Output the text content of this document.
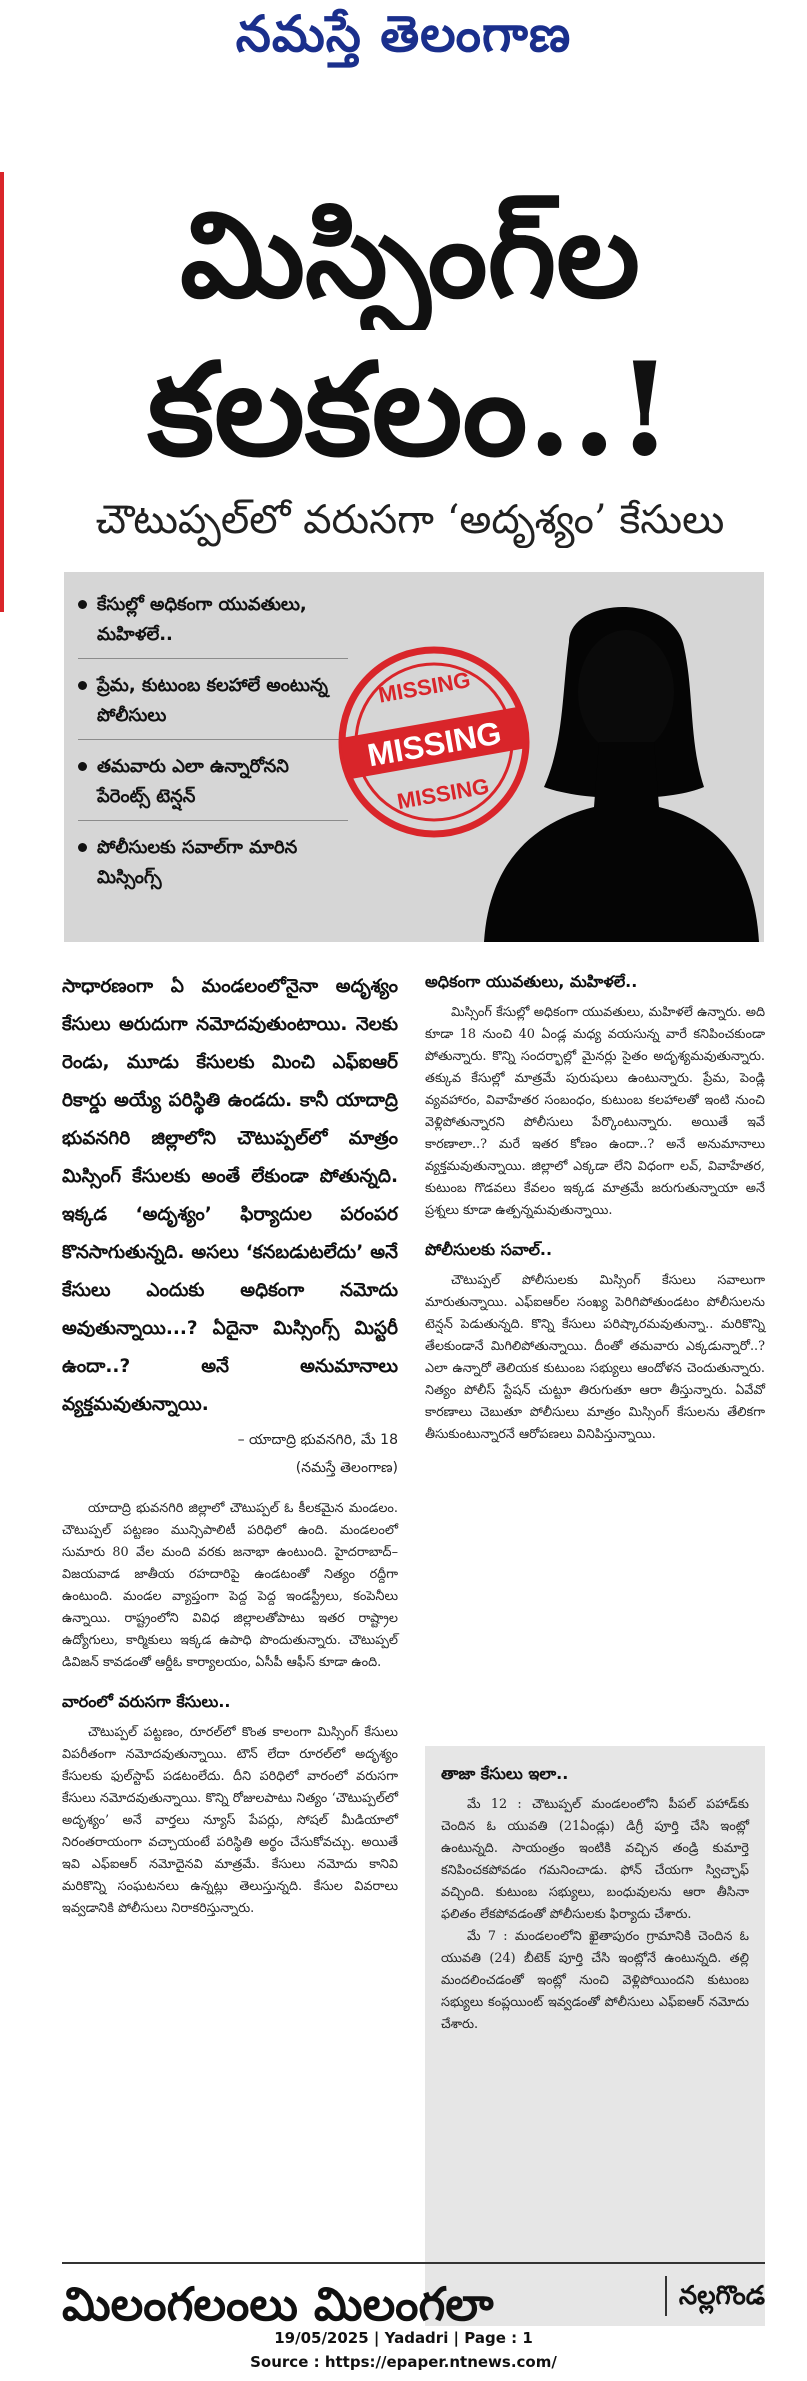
నమస్తే తెలంగాణ
మిస్సింగ్‌ల
కలకలం..!
చౌటుప్పల్‌లో వరుసగా ‘అదృశ్యం’ కేసులు
కేసుల్లో అధికంగా యువతులు, మహిళలే..
ప్రేమ, కుటుంబ కలహాలే అంటున్న పోలీసులు
తమవారు ఎలా ఉన్నారోనని పేరెంట్స్ టెన్షన్
పోలీసులకు సవాల్‌గా మారిన మిస్సింగ్స్
MISSING
MISSING
MISSING
సాధారణంగా ఏ మండలంలోనైనా అదృశ్యం కేసులు అరుదుగా నమోదవుతుంటాయి. నెలకు రెండు, మూడు కేసులకు మించి ఎఫ్‌ఐఆర్ రికార్డు అయ్యే పరిస్థితి ఉండదు. కానీ యాదాద్రి భువనగిరి జిల్లాలోని చౌటుప్పల్‌లో మాత్రం మిస్సింగ్ కేసులకు అంతే లేకుండా పోతున్నది. ఇక్కడ ‘అదృశ్యం’ ఫిర్యాదుల పరంపర కొనసాగుతున్నది. అసలు ‘కనబడుటలేదు’ అనే కేసులు ఎందుకు అధికంగా నమోదు అవుతున్నాయి...? ఏదైనా మిస్సింగ్స్ మిస్టరీ ఉందా..? అనే అనుమానాలు వ్యక్తమవుతున్నాయి.
– యాదాద్రి భువనగిరి, మే 18
(నమస్తే తెలంగాణ)

యాదాద్రి భువనగిరి జిల్లాలో చౌటుప్పల్ ఓ కీలకమైన మండలం. చౌటుప్పల్ పట్టణం మున్సిపాలిటీ పరిధిలో ఉంది. మండలంలో సుమారు 80 వేల మంది వరకు జనాభా ఉంటుంది. హైదరాబాద్–విజయవాడ జాతీయ రహదారిపై ఉండటంతో నిత్యం రద్దీగా ఉంటుంది. మండల వ్యాప్తంగా పెద్ద పెద్ద ఇండస్ట్రీలు, కంపెనీలు ఉన్నాయి. రాష్ట్రంలోని వివిధ జిల్లాలతోపాటు ఇతర రాష్ట్రాల ఉద్యోగులు, కార్మికులు ఇక్కడ ఉపాధి పొందుతున్నారు. చౌటుప్పల్ డివిజన్ కావడంతో ఆర్డీఓ కార్యాలయం, ఏసీపీ ఆఫీస్ కూడా ఉంది.

వారంలో వరుసగా కేసులు..

చౌటుప్పల్ పట్టణం, రూరల్‌లో కొంత కాలంగా మిస్సింగ్ కేసులు విపరీతంగా నమోదవుతున్నాయి. టౌన్ లేదా రూరల్‌లో అదృశ్యం కేసులకు ఫుల్‌స్టాప్ పడటంలేదు. దీని పరిధిలో వారంలో వరుసగా కేసులు నమోదవుతున్నాయి. కొన్ని రోజులపాటు నిత్యం ‘చౌటుప్పల్‌లో అదృశ్యం’ అనే వార్తలు న్యూస్ పేపర్లు, సోషల్ మీడియాలో నిరంతరాయంగా వచ్చాయంటే పరిస్థితి అర్థం చేసుకోవచ్చు. అయితే ఇవి ఎఫ్‌ఐఆర్ నమోదైనవి మాత్రమే. కేసులు నమోదు కానివి మరికొన్ని సంఘటనలు ఉన్నట్లు తెలుస్తున్నది. కేసుల వివరాలు ఇవ్వడానికి పోలీసులు నిరాకరిస్తున్నారు.

అధికంగా యువతులు, మహిళలే..

మిస్సింగ్ కేసుల్లో అధికంగా యువతులు, మహిళలే ఉన్నారు. అది కూడా 18 నుంచి 40 ఏండ్ల మధ్య వయసున్న వారే కనిపించకుండా పోతున్నారు. కొన్ని సందర్భాల్లో మైనర్లు సైతం అదృశ్యమవుతున్నారు. తక్కువ కేసుల్లో మాత్రమే పురుషులు ఉంటున్నారు. ప్రేమ, పెండ్లి వ్యవహారం, వివాహేతర సంబంధం, కుటుంబ కలహాలతో ఇంటి నుంచి వెళ్లిపోతున్నారని పోలీసులు పేర్కొంటున్నారు. అయితే ఇవే కారణాలా..? మరే ఇతర కోణం ఉందా..? అనే అనుమానాలు వ్యక్తమవుతున్నాయి. జిల్లాలో ఎక్కడా లేని విధంగా లవ్, వివాహేతర, కుటుంబ గొడవలు కేవలం ఇక్కడ మాత్రమే జరుగుతున్నాయా అనే ప్రశ్నలు కూడా ఉత్పన్నమవుతున్నాయి.

పోలీసులకు సవాల్..

చౌటుప్పల్ పోలీసులకు మిస్సింగ్ కేసులు సవాలుగా మారుతున్నాయి. ఎఫ్‌ఐఆర్‌ల సంఖ్య పెరిగిపోతుండటం పోలీసులను టెన్షన్ పెడుతున్నది. కొన్ని కేసులు పరిష్కారమవుతున్నా.. మరికొన్ని తేలకుండానే మిగిలిపోతున్నాయి. దీంతో తమవారు ఎక్కడున్నారో..? ఎలా ఉన్నారో తెలియక కుటుంబ సభ్యులు ఆందోళన చెందుతున్నారు. నిత్యం పోలీస్ స్టేషన్ చుట్టూ తిరుగుతూ ఆరా తీస్తున్నారు. ఏవేవో కారణాలు చెబుతూ పోలీసులు మాత్రం మిస్సింగ్ కేసులను తేలికగా తీసుకుంటున్నారనే ఆరోపణలు వినిపిస్తున్నాయి.

తాజా కేసులు ఇలా..

మే 12 : చౌటుప్పల్ మండలంలోని పీపల్ పహాడ్‌కు చెందిన ఓ యువతి (21ఏండ్లు) డిగ్రీ పూర్తి చేసి ఇంట్లో ఉంటున్నది. సాయంత్రం ఇంటికి వచ్చిన తండ్రి కుమార్తె కనిపించకపోవడం గమనించాడు. ఫోన్ చేయగా స్విచ్ఛాఫ్ వచ్చింది. కుటుంబ సభ్యులు, బంధువులను ఆరా తీసినా ఫలితం లేకపోవడంతో పోలీసులకు ఫిర్యాదు చేశారు.

మే 7 : మండలంలోని ఖైతాపురం గ్రామానికి చెందిన ఓ యువతి (24) బీటెక్ పూర్తి చేసి ఇంట్లోనే ఉంటున్నది. తల్లి మందలించడంతో ఇంట్లో నుంచి వెళ్లిపోయిందని కుటుంబ సభ్యులు కంప్లయింట్ ఇవ్వడంతో పోలీసులు ఎఫ్‌ఐఆర్ నమోదు చేశారు.

మిలంగలంలు మిలంగలా	నల్లగొండ
19/05/2025 | Yadadri | Page : 1
Source : https://epaper.ntnews.com/
